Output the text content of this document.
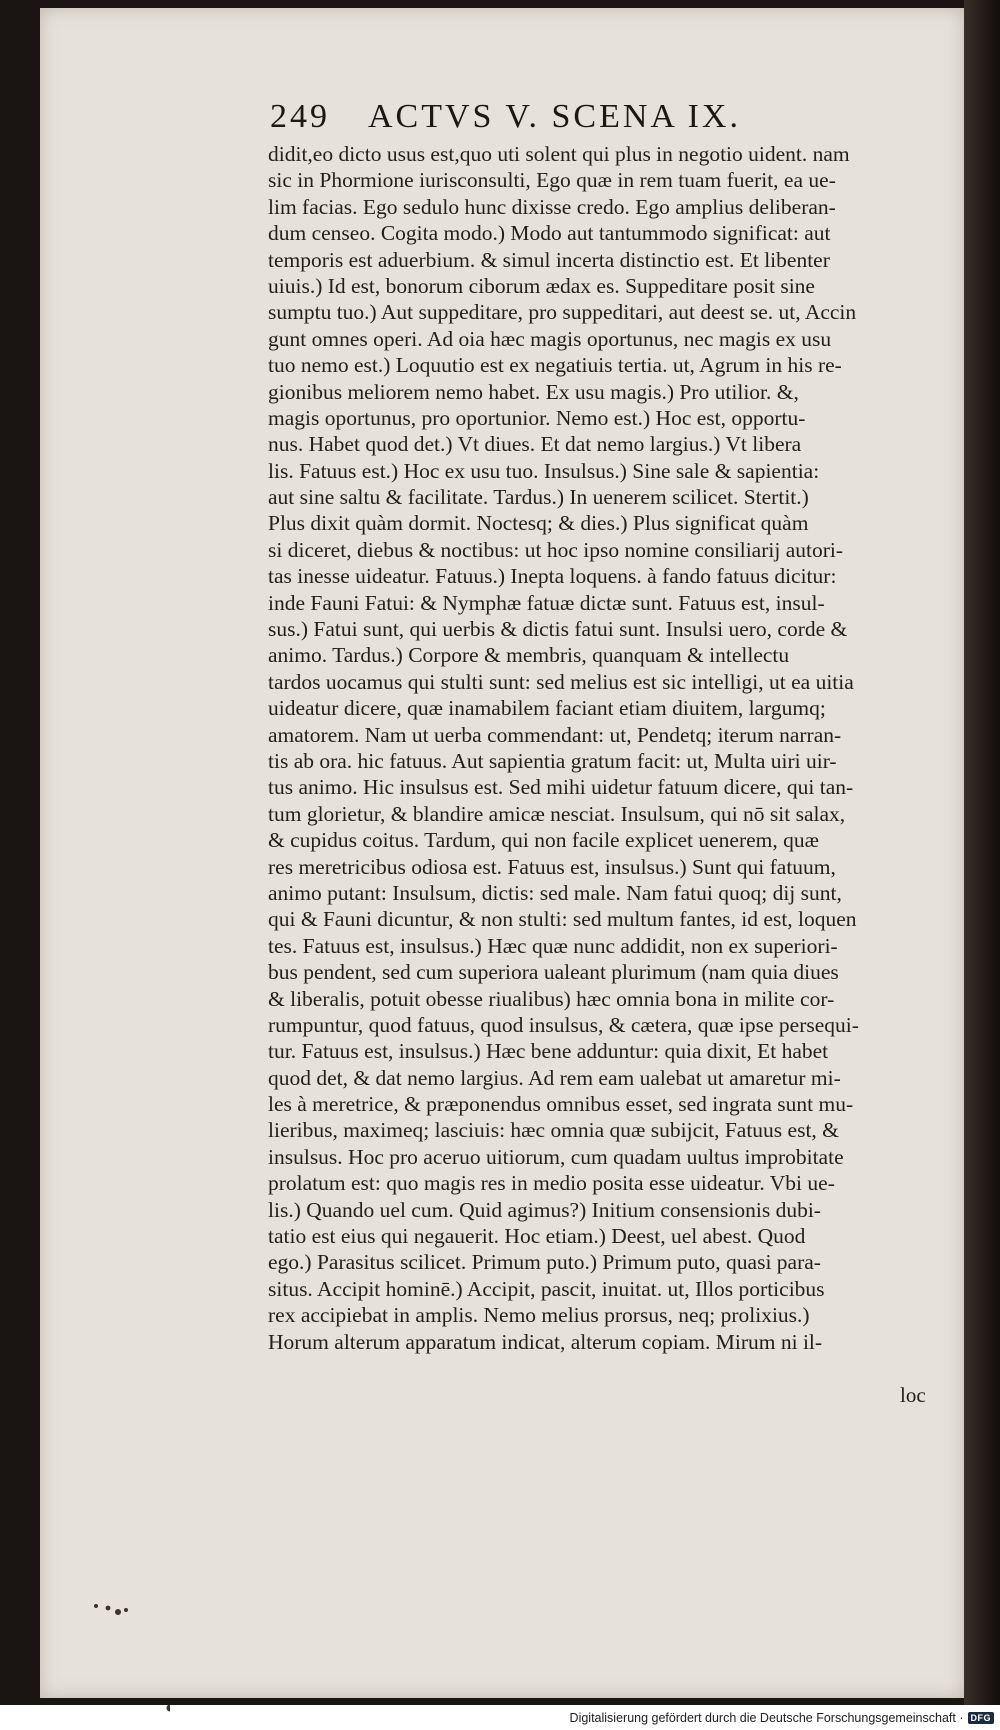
249 ACTVS V. SCENA IX.
didit,eo dicto usus est,quo uti solent qui plus in negotio uident. nam
sic in Phormione iurisconsulti, Ego quæ in rem tuam fuerit, ea ue-
lim facias. Ego sedulo hunc dixisse credo. Ego amplius deliberan-
dum censeo. Cogita modo.) Modo aut tantummodo significat: aut
temporis est aduerbium. & simul incerta distinctio est. Et libenter
uiuis.) Id est, bonorum ciborum ædax es. Suppeditare posit sine
sumptu tuo.) Aut suppeditare, pro suppeditari, aut deest se. ut, Accin
gunt omnes operi. Ad oia hæc magis oportunus, nec magis ex usu
tuo nemo est.) Loquutio est ex negatiuis tertia. ut, Agrum in his re-
gionibus meliorem nemo habet. Ex usu magis.) Pro utilior. &,
magis oportunus, pro oportunior. Nemo est.) Hoc est, opportu-
nus. Habet quod det.) Vt diues. Et dat nemo largius.) Vt libera
lis. Fatuus est.) Hoc ex usu tuo. Insulsus.) Sine sale & sapientia:
aut sine saltu & facilitate. Tardus.) In uenerem scilicet. Stertit.)
Plus dixit quàm dormit. Noctesq; & dies.) Plus significat quàm
si diceret, diebus & noctibus: ut hoc ipso nomine consiliarij autori-
tas inesse uideatur. Fatuus.) Inepta loquens. à fando fatuus dicitur:
inde Fauni Fatui: & Nymphæ fatuæ dictæ sunt. Fatuus est, insul-
sus.) Fatui sunt, qui uerbis & dictis fatui sunt. Insulsi uero, corde &
animo. Tardus.) Corpore & membris, quanquam & intellectu
tardos uocamus qui stulti sunt: sed melius est sic intelligi, ut ea uitia
uideatur dicere, quæ inamabilem faciant etiam diuitem, largumq;
amatorem. Nam ut uerba commendant: ut, Pendetq; iterum narran-
tis ab ora. hic fatuus. Aut sapientia gratum facit: ut, Multa uiri uir-
tus animo. Hic insulsus est. Sed mihi uidetur fatuum dicere, qui tan-
tum glorietur, & blandire amicæ nesciat. Insulsum, qui nō sit salax,
& cupidus coitus. Tardum, qui non facile explicet uenerem, quæ
res meretricibus odiosa est. Fatuus est, insulsus.) Sunt qui fatuum,
animo putant: Insulsum, dictis: sed male. Nam fatui quoq; dij sunt,
qui & Fauni dicuntur, & non stulti: sed multum fantes, id est, loquen
tes. Fatuus est, insulsus.) Hæc quæ nunc addidit, non ex superiori-
bus pendent, sed cum superiora ualeant plurimum (nam quia diues
& liberalis, potuit obesse riualibus) hæc omnia bona in milite cor-
rumpuntur, quod fatuus, quod insulsus, & cætera, quæ ipse persequi-
tur. Fatuus est, insulsus.) Hæc bene adduntur: quia dixit, Et habet
quod det, & dat nemo largius. Ad rem eam ualebat ut amaretur mi-
les à meretrice, & præponendus omnibus esset, sed ingrata sunt mu-
lieribus, maximeq; lasciuis: hæc omnia quæ subijcit, Fatuus est, &
insulsus. Hoc pro aceruo uitiorum, cum quadam uultus improbitate
prolatum est: quo magis res in medio posita esse uideatur. Vbi ue-
lis.) Quando uel cum. Quid agimus?) Initium consensionis dubi-
tatio est eius qui negauerit. Hoc etiam.) Deest, uel abest. Quod
ego.) Parasitus scilicet. Primum puto.) Primum puto, quasi para-
situs. Accipit hominē.) Accipit, pascit, inuitat. ut, Illos porticibus
rex accipiebat in amplis. Nemo melius prorsus, neq; prolixius.)
Horum alterum apparatum indicat, alterum copiam. Mirum ni il-
loc
Digitalisierung gefördert durch die Deutsche Forschungsgemeinschaft · DFG
